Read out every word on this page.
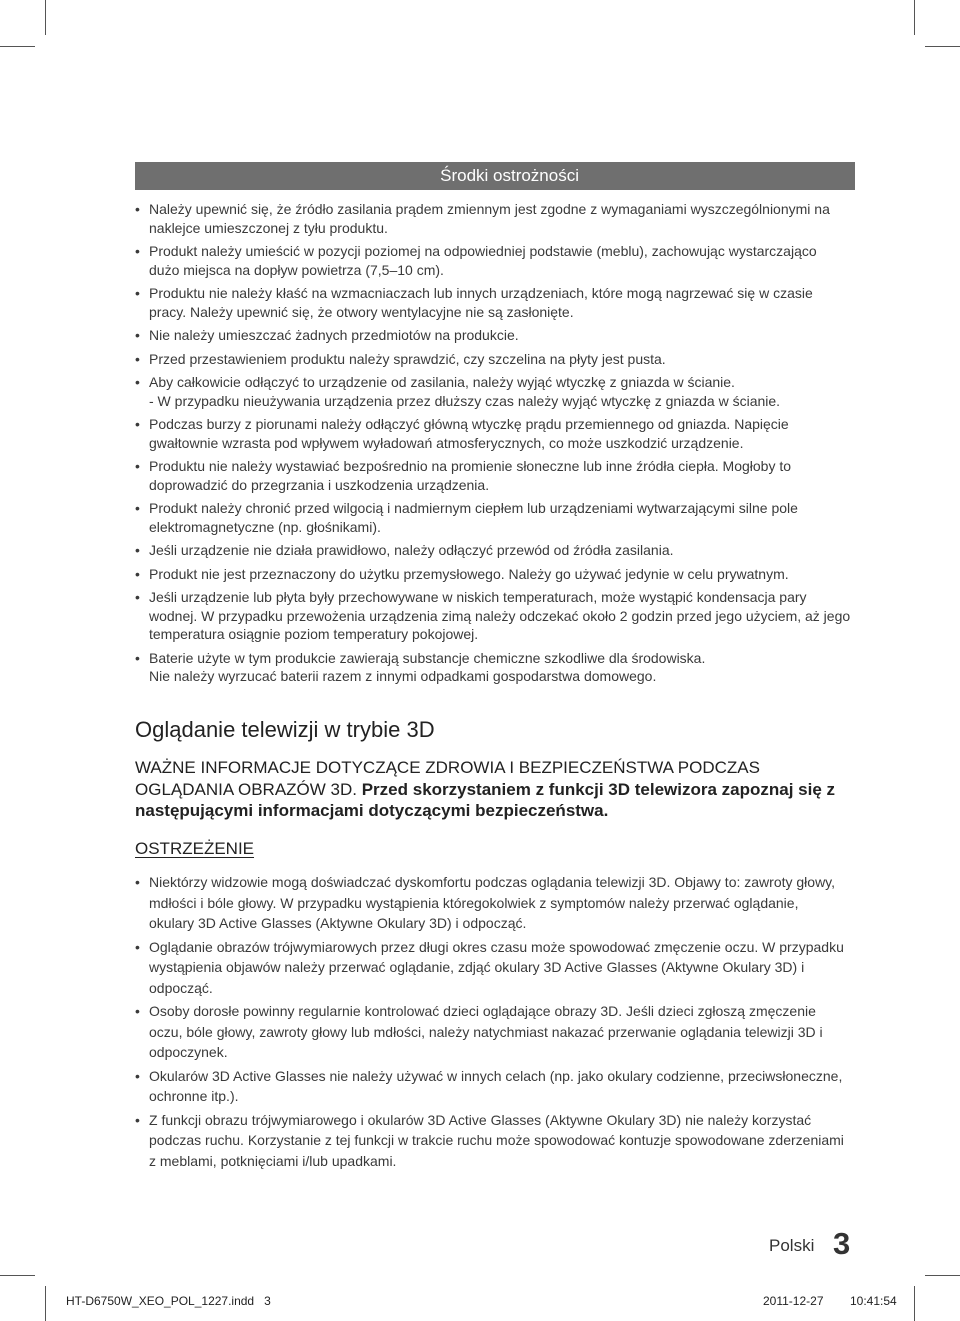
Środki ostrożności
• Należy upewnić się, że źródło zasilania prądem zmiennym jest zgodne z wymaganiami wyszczególnionymi na
naklejce umieszczonej z tyłu produktu.
• Produkt należy umieścić w pozycji poziomej na odpowiedniej podstawie (meblu), zachowując wystarczająco
dużo miejsca na dopływ powietrza (7,5–10 cm).
• Produktu nie należy kłaść na wzmacniaczach lub innych urządzeniach, które mogą nagrzewać się w czasie
pracy. Należy upewnić się, że otwory wentylacyjne nie są zasłonięte.
• Nie należy umieszczać żadnych przedmiotów na produkcie.
• Przed przestawieniem produktu należy sprawdzić, czy szczelina na płyty jest pusta.
• Aby całkowicie odłączyć to urządzenie od zasilania, należy wyjąć wtyczkę z gniazda w ścianie.
- W przypadku nieużywania urządzenia przez dłuższy czas należy wyjąć wtyczkę z gniazda w ścianie.
• Podczas burzy z piorunami należy odłączyć główną wtyczkę prądu przemiennego od gniazda. Napięcie
gwałtownie wzrasta pod wpływem wyładowań atmosferycznych, co może uszkodzić urządzenie.
• Produktu nie należy wystawiać bezpośrednio na promienie słoneczne lub inne źródła ciepła. Mogłoby to
doprowadzić do przegrzania i uszkodzenia urządzenia.
• Produkt należy chronić przed wilgocią i nadmiernym ciepłem lub urządzeniami wytwarzającymi silne pole
elektromagnetyczne (np. głośnikami).
• Jeśli urządzenie nie działa prawidłowo, należy odłączyć przewód od źródła zasilania.
• Produkt nie jest przeznaczony do użytku przemysłowego. Należy go używać jedynie w celu prywatnym.
• Jeśli urządzenie lub płyta były przechowywane w niskich temperaturach, może wystąpić kondensacja pary
wodnej. W przypadku przewożenia urządzenia zimą należy odczekać około 2 godzin przed jego użyciem, aż jego
temperatura osiągnie poziom temperatury pokojowej.
• Baterie użyte w tym produkcie zawierają substancje chemiczne szkodliwe dla środowiska.
Nie należy wyrzucać baterii razem z innymi odpadkami gospodarstwa domowego.
Oglądanie telewizji w trybie 3D
WAŻNE INFORMACJE DOTYCZĄCE ZDROWIA I BEZPIECZEŃSTWA PODCZAS
OGLĄDANIA OBRAZÓW 3D. Przed skorzystaniem z funkcji 3D telewizora zapoznaj się z
następującymi informacjami dotyczącymi bezpieczeństwa.
OSTRZEŻENIE
• Niektórzy widzowie mogą doświadczać dyskomfortu podczas oglądania telewizji 3D. Objawy to: zawroty głowy,
mdłości i bóle głowy. W przypadku wystąpienia któregokolwiek z symptomów należy przerwać oglądanie,
okulary 3D Active Glasses (Aktywne Okulary 3D) i odpocząć.
• Oglądanie obrazów trójwymiarowych przez długi okres czasu może spowodować zmęczenie oczu. W przypadku
wystąpienia objawów należy przerwać oglądanie, zdjąć okulary 3D Active Glasses (Aktywne Okulary 3D) i
odpocząć.
• Osoby dorosłe powinny regularnie kontrolować dzieci oglądające obrazy 3D. Jeśli dzieci zgłoszą zmęczenie
oczu, bóle głowy, zawroty głowy lub mdłości, należy natychmiast nakazać przerwanie oglądania telewizji 3D i
odpoczynek.
• Okularów 3D Active Glasses nie należy używać w innych celach (np. jako okulary codzienne, przeciwsłoneczne,
ochronne itp.).
• Z funkcji obrazu trójwymiarowego i okularów 3D Active Glasses (Aktywne Okulary 3D) nie należy korzystać
podczas ruchu. Korzystanie z tej funkcji w trakcie ruchu może spowodować kontuzje spowodowane zderzeniami
z meblami, potknięciami i/lub upadkami.
Polski 3
HT-D6750W_XEO_POL_1227.indd   3	2011-12-27 10:41:54
